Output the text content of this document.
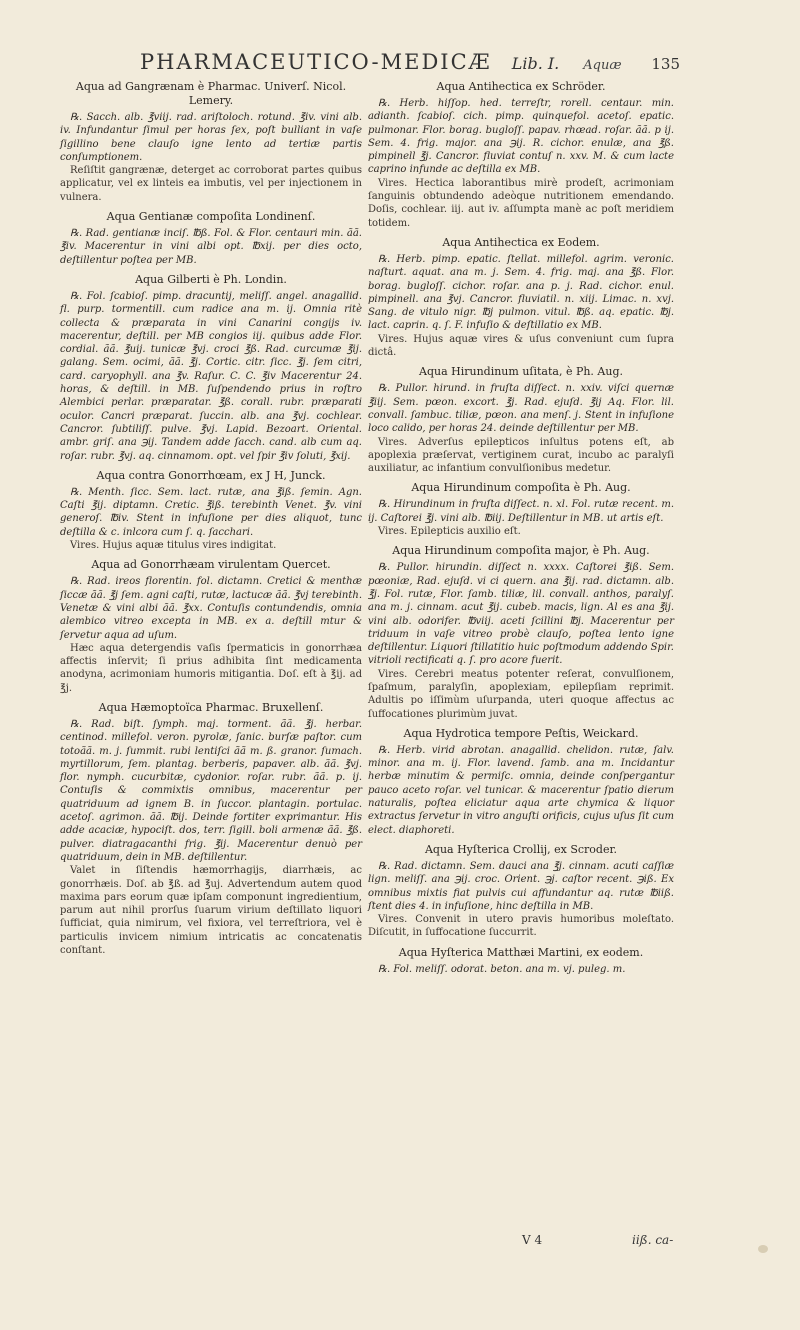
PHARMACEUTICO-MEDICÆ Lib. I. Aquæ 135
Aqua ad Gangrænam è Pharmac. Univerſ. Nicol. Lemery.

℞. Sacch. alb. ℥viij. rad. ariſtoloch. rotund. ℥iv. vini alb. iv. Infundantur ſimul per horas ſex, poſt bulliant in vaſe ſigillino bene clauſo igne lento ad tertiæ partis conſumptionem.

Reſiſtit gangrænæ, deterget ac corroborat partes quibus applicatur, vel ex linteis ea imbutis, vel per injectionem in vulnera.

Aqua Gentianæ compoſita Londinenſ.

℞. Rad. gentianæ inciſ. ℔ß. Fol. & Flor. centauri min. ãã. ℥iv. Macerentur in vini albi opt. ℔xij. per dies octo, deſtillentur poſtea per MB.

Aqua Gilberti è Ph. Londin.

℞. Fol. ſcabioſ. pimp. dracuntij, meliſſ. angel. anagallid. fl. purp. tormentill. cum radice ana m. ij. Omnia ritè collecta & præparata in vini Canarini congijs iv. macerentur, deſtill. per MB congios iij. quibus adde Flor. cordial. ãã. ℥uij. tunicæ ℥vj. croci ℥ß. Rad. curcumæ ℥ij. galang. Sem. ocimi, ãã. ℥j. Cortic. citr. ſicc. ℥j. ſem citri, card. caryophyll. ana ℥v. Raſur. C. C. ℥iv Macerentur 24. horas, & deſtill. in MB. ſuſpendendo prius in roſtro Alembici perlar. præparatar. ℥ß. corall. rubr. præparati oculor. Cancri præparat. ſuccin. alb. ana ℥vj. cochlear. Cancror. ſubtiliſſ. pulve. ℥vj. Lapid. Bezoart. Oriental. ambr. griſ. ana ℈ij. Tandem adde ſacch. cand. alb cum aq. roſar. rubr. ℥vj. aq. cinnamom. opt. vel ſpir ℥iv ſoluti, ℥xij.

Aqua contra Gonorrhœam, ex J H, Junck.

℞. Menth. ſicc. Sem. lact. rutæ, ana ℥iß. ſemin. Agn. Caſti ℥ij. diptamn. Cretic. ℥iß. terebinth Venet. ℥v. vini generoſ. ℔iv. Stent in infuſione per dies aliquot, tunc deſtilla & c. inlcora cum ſ. q. ſacchari.

Vires. Hujus aquæ titulus vires indigitat.

Aqua ad Gonorrhæam virulentam Quercet.

℞. Rad. ireos florentin. fol. dictamn. Cretici & menthæ ſiccæ ãã. ℥j ſem. agni caſti, rutæ, lactucæ ãã. ℥vj terebinth. Venetæ & vini albi ãã. ℥xx. Contuſis contundendis, omnia alembico vitreo excepta in MB. ex a. deſtill mtur & ſervetur aqua ad uſum.

Hæc aqua detergendis vaſis ſpermaticis in gonorrhæa affectis inſervit; ſi prius adhibita ſint medicamenta anodyna, acrimoniam humoris mitigantia. Doſ. eſt à ℥ij. ad ℥j.

Aqua Hæmoptoïca Pharmac. Bruxellenſ.

℞. Rad. biſt. ſymph. maj. torment. ãã. ℥j. herbar. centinod. millefol. veron. pyrolæ, ſanic. burſæ paſtor. cum totoãã. m. j. ſummit. rubi lentiſci ãã m. ß. granor. ſumach. myrtillorum, ſem. plantag. berberis, papaver. alb. ãã. ℥vj. flor. nymph. cucurbitæ, cydonior. roſar. rubr. ãã. p. ij. Contuſis & commixtis omnibus, macerentur per quatriduum ad ignem B. in ſuccor. plantagin. portulac. acetoſ. agrimon. ãã. ℔ij. Deinde fortiter exprimantur. His adde acaciæ, hypociſt. dos, terr. ſigill. boli armenæ ãã. ℥ß. pulver. diatragacanthi frig. ℥ij. Macerentur denuò per quatriduum, dein in MB. deſtillentur.

Valet in ſiſtendis hæmorrhagijs, diarrhæis, ac gonorrhæis. Doſ. ab ℥ß. ad ℥uj. Advertendum autem quod maxima pars eorum quæ ipſam componunt ingredientium, parum aut nihil prorſus ſuarum virium deſtillato liquori ſufficiat, quia nimirum, vel fixiora, vel terreſtriora, vel è particulis invicem nimium intricatis ac concatenatis conſtant.

Aqua Antihectica ex Schröder.

℞. Herb. hiſſop. hed. terreſtr, rorell. centaur. min. adianth. ſcabioſ. cich. pimp. quinquefol. acetoſ. epatic. pulmonar. Flor. borag. bugloſſ. papav. rhœad. roſar. ãã. p ij. Sem. 4. frig. major. ana ℈ij. R. cichor. enulæ, ana ℥ß. pimpinell ℥j. Cancror. fluviat contuſ n. xxv. M. & cum lacte caprino infunde ac deſtilla ex MB.

Vires. Hectica laborantibus mirè prodeſt, acrimoniam ſanguinis obtundendo adeòque nutritionem emendando. Doſis, cochlear. iij. aut iv. aſſumpta manè ac poſt meridiem totidem.

Aqua Antihectica ex Eodem.

℞. Herb. pimp. epatic. ſtellat. millefol. agrim. veronic. naſturt. aquat. ana m. j. Sem. 4. frig. maj. ana ℥ß. Flor. borag. bugloſſ. cichor. roſar. ana p. j. Rad. cichor. enul. pimpinell. ana ℥vj. Cancror. fluviatil. n. xiij. Limac. n. xvj. Sang. de vitulo nigr. ℔j pulmon. vitul. ℔ß. aq. epatic. ℔j. lact. caprin. q. ſ. F. infuſio & deſtillatio ex MB.

Vires. Hujus aquæ vires & uſus conveniunt cum ſupra dictâ.

Aqua Hirundinum uſitata, è Ph. Aug.

℞. Pullor. hirund. in fruſta diſſect. n. xxiv. viſci quernæ ℥iij. Sem. pœon. excort. ℥j. Rad. ejuſd. ℥ij Aq. Flor. lil. convall. ſambuc. tiliæ, pœon. ana menſ. j. Stent in infuſione loco calido, per horas 24. deinde deſtillentur per MB.

Vires. Adverſus epilepticos inſultus potens eſt, ab apoplexia præſervat, vertiginem curat, incubo ac paralyſi auxiliatur, ac infantium convulſionibus medetur.

Aqua Hirundinum compoſita è Ph. Aug.

℞. Hirundinum in fruſta diſſect. n. xl. Fol. rutæ recent. m. ij. Caſtorei ℥j. vini alb. ℔iij. Deſtillentur in MB. ut artis eſt.

Vires. Epilepticis auxilio eſt.

Aqua Hirundinum compoſita major, è Ph. Aug.

℞. Pullor. hirundin. diſſect n. xxxx. Caſtorei ℥iß. Sem. pœoniæ, Rad. ejuſd. vi ci quern. ana ℥ij. rad. dictamn. alb. ℥j. Fol. rutæ, Flor. ſamb. tiliæ, lil. convall. anthos, paralyſ. ana m. j. cinnam. acut ℥ij. cubeb. macis, lign. Al es ana ℥ij. vini alb. odorifer. ℔viij. aceti ſcillini ℔j. Macerentur per triduum in vaſe vitreo probè clauſo, poſtea lento igne deſtillentur. Liquori ſtillatitio huic poſtmodum addendo Spir. vitrioli rectificati q. ſ. pro acore fuerit.

Vires. Cerebri meatus potenter reſerat, convulſionem, ſpaſmum, paralyſin, apoplexiam, epilepſiam reprimit. Adultis po iſſimùm uſurpanda, uteri quoque affectus ac ſuffocationes plurimùm juvat.

Aqua Hydrotica tempore Peſtis, Weickard.

℞. Herb. virid abrotan. anagallid. chelidon. rutæ, ſalv. minor. ana m. ij. Flor. lavend. ſamb. ana m. Incidantur herbæ minutim & permiſc. omnia, deinde conſpergantur pauco aceto roſar. vel tunicar. & macerentur ſpatio dierum naturalis, poſtea eliciatur aqua arte chymica & liquor extractus ſervetur in vitro anguſti orificis, cujus uſus ſit cum elect. diaphoreti.

Aqua Hyſterica Crollij, ex Scroder.

℞. Rad. dictamn. Sem. dauci ana ℥j. cinnam. acuti caſſiæ lign. meliſſ. ana ℈ij. croc. Orient. ℈j. caſtor recent. ℈iß. Ex omnibus mixtis fiat pulvis cui affundantur aq. rutæ ℔iiß. ſtent dies 4. in infuſione, hinc deſtilla in MB.

Vires. Convenit in utero pravis humoribus moleſtato. Diſcutit, in ſuffocatione ſuccurrit.

Aqua Hyſterica Matthæi Martini, ex eodem.

℞. Fol. meliſſ. odorat. beton. ana m. vj. puleg. m.

V 4	iiß. ca-
